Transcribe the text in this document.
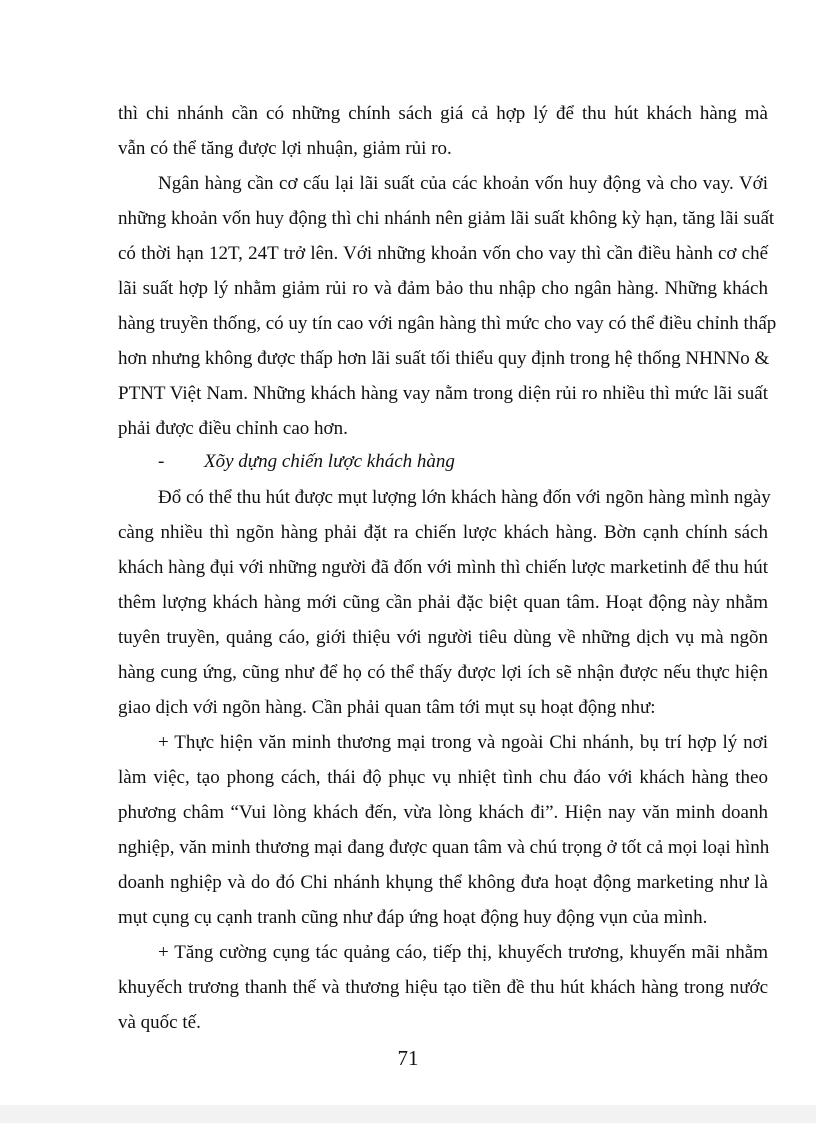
thì chi nhánh cần có những chính sách giá cả hợp lý để thu hút khách hàng mà
vẫn có thể tăng được lợi nhuận, giảm rủi ro.
Ngân hàng cần cơ cấu lại lãi suất của các khoản vốn huy động và cho vay. Với
những khoản vốn huy động thì chi nhánh nên giảm lãi suất không kỳ hạn, tăng lãi suất
có thời hạn 12T, 24T trở lên. Với những khoản vốn cho vay thì cần điều hành cơ chế
lãi suất hợp lý nhằm giảm rủi ro và đảm bảo thu nhập cho ngân hàng. Những khách
hàng truyền thống, có uy tín cao với ngân hàng thì mức cho vay có thể điều chỉnh thấp
hơn nhưng không được thấp hơn lãi suất tối thiểu quy định trong hệ thống NHNNo &
PTNT Việt Nam. Những khách hàng vay nằm trong diện rủi ro nhiều thì mức lãi suất
phải được điều chỉnh cao hơn.
- Xõy dựng chiến lược khách hàng
Đổ có thể thu hút được mụt lượng lớn khách hàng đốn với ngõn hàng mình ngày
càng nhiều thì ngõn hàng phải đặt ra chiến lược khách hàng. Bờn cạnh chính sách
khách hàng đụi với những người đã đốn với mình thì chiến lược marketinh để thu hút
thêm lượng khách hàng mới cũng cần phải đặc biệt quan tâm. Hoạt động này nhằm
tuyên truyền, quảng cáo, giới thiệu với người tiêu dùng về những dịch vụ mà ngõn
hàng cung ứng, cũng như để họ có thể thấy được lợi ích sẽ nhận được nếu thực hiện
giao dịch với ngõn hàng. Cần phải quan tâm tới mụt sụ hoạt động như:
+ Thực hiện văn minh thương mại trong và ngoài Chi nhánh, bụ trí hợp lý nơi
làm việc, tạo phong cách, thái độ phục vụ nhiệt tình chu đáo với khách hàng theo
phương châm “Vui lòng khách đến, vừa lòng khách đi”. Hiện nay văn minh doanh
nghiệp, văn minh thương mại đang được quan tâm và chú trọng ở tốt cả mọi loại hình
doanh nghiệp và do đó Chi nhánh khụng thể không đưa hoạt động marketing như là
mụt cụng cụ cạnh tranh cũng như đáp ứng hoạt động huy động vụn của mình.
+ Tăng cường cụng tác quảng cáo, tiếp thị, khuyếch trương, khuyến mãi nhằm
khuyếch trương thanh thế và thương hiệu tạo tiền đề thu hút khách hàng trong nước
và quốc tế.
71
